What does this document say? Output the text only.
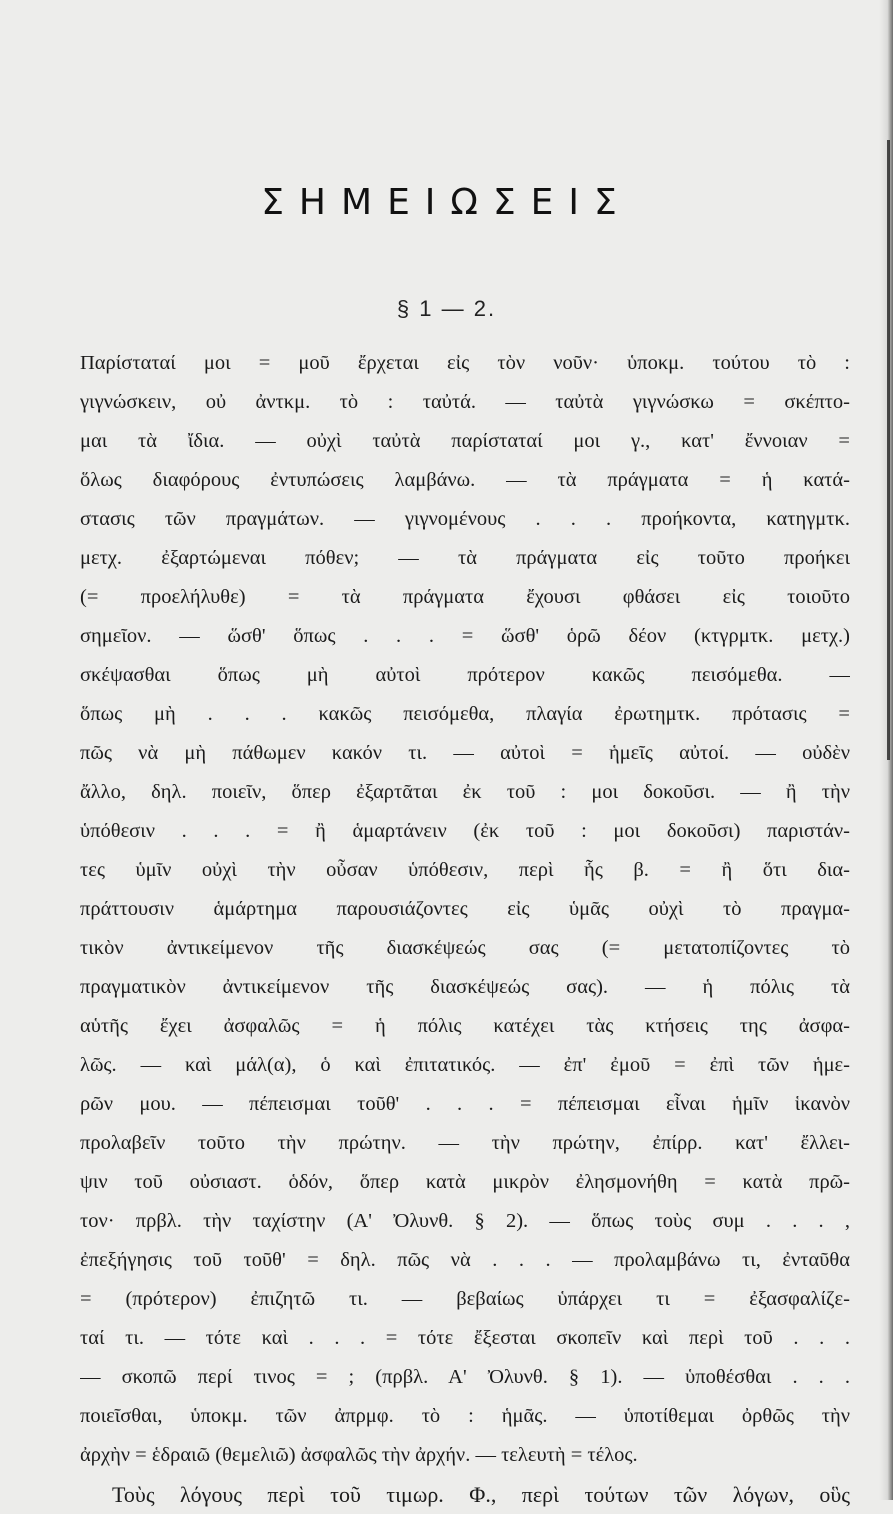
ΣΗΜΕΙΩΣΕΙΣ
§ 1 — 2.
Παρίσταταί μοι = μοῦ ἔρχεται εἰς τὸν νοῦν· ὑποκμ. τούτου τὸ :
γιγνώσκειν, οὐ ἀντκμ. τὸ : ταὐτά. — ταὐτὰ γιγνώσκω = σκέπτο-
μαι τὰ ἴδια. — οὐχὶ ταὐτὰ παρίσταταί μοι γ., κατ' ἔννοιαν =
ὅλως διαφόρους ἐντυπώσεις λαμβάνω. — τὰ πράγματα = ἡ κατά-
στασις τῶν πραγμάτων. — γιγνομένους . . . προήκοντα, κατηγμτκ.
μετχ. ἐξαρτώμεναι πόθεν; — τὰ πράγματα εἰς τοῦτο προήκει
(= προελήλυθε) = τὰ πράγματα ἔχουσι φθάσει εἰς τοιοῦτο
σημεῖον. — ὥσθ' ὅπως . . . = ὥσθ' ὁρῶ δέον (κτγρμτκ. μετχ.)
σκέψασθαι ὅπως μὴ αὐτοὶ πρότερον κακῶς πεισόμεθα. —
ὅπως μὴ . . . κακῶς πεισόμεθα, πλαγία ἐρωτημτκ. πρότασις =
πῶς νὰ μὴ πάθωμεν κακόν τι. — αὐτοὶ = ἡμεῖς αὐτοί. — οὐδὲν
ἄλλο, δηλ. ποιεῖν, ὅπερ ἐξαρτᾶται ἐκ τοῦ : μοι δοκοῦσι. — ἢ τὴν
ὑπόθεσιν . . . = ἢ ἁμαρτάνειν (ἐκ τοῦ : μοι δοκοῦσι) παριστάν-
τες ὑμῖν οὐχὶ τὴν οὖσαν ὑπόθεσιν, περὶ ἧς β. = ἢ ὅτι δια-
πράττουσιν ἁμάρτημα παρουσιάζοντες εἰς ὑμᾶς οὐχὶ τὸ πραγμα-
τικὸν ἀντικείμενον τῆς διασκέψεώς σας (= μετατοπίζοντες τὸ
πραγματικὸν ἀντικείμενον τῆς διασκέψεώς σας). — ἡ πόλις τὰ
αὑτῆς ἔχει ἀσφαλῶς = ἡ πόλις κατέχει τὰς κτήσεις της ἀσφα-
λῶς. — καὶ μάλ(α), ὁ καὶ ἐπιτατικός. — ἐπ' ἐμοῦ = ἐπὶ τῶν ἡμε-
ρῶν μου. — πέπεισμαι τοῦθ' . . . = πέπεισμαι εἶναι ἡμῖν ἱκανὸν
προλαβεῖν τοῦτο τὴν πρώτην. — τὴν πρώτην, ἐπίρρ. κατ' ἔλλει-
ψιν τοῦ οὐσιαστ. ὁδόν, ὅπερ κατὰ μικρὸν ἐλησμονήθη = κατὰ πρῶ-
τον· πρβλ. τὴν ταχίστην (Α' Ὀλυνθ. § 2). — ὅπως τοὺς συμ . . . ,
ἐπεξήγησις τοῦ τοῦθ' = δηλ. πῶς νὰ . . . — προλαμβάνω τι, ἐνταῦθα
= (πρότερον) ἐπιζητῶ τι. — βεβαίως ὑπάρχει τι = ἐξασφαλίζε-
ταί τι. — τότε καὶ . . . = τότε ἔξεσται σκοπεῖν καὶ περὶ τοῦ . . .
— σκοπῶ περί τινος = ; (πρβλ. Α' Ὀλυνθ. § 1). — ὑποθέσθαι . . .
ποιεῖσθαι, ὑποκμ. τῶν ἀπρμφ. τὸ : ἡμᾶς. — ὑποτίθεμαι ὀρθῶς τὴν
ἀρχὴν = ἑδραιῶ (θεμελιῶ) ἀσφαλῶς τὴν ἀρχήν. — τελευτὴ = τέλος.
Τοὺς λόγους περὶ τοῦ τιμωρ. Φ., περὶ τούτων τῶν λόγων, οὓς
